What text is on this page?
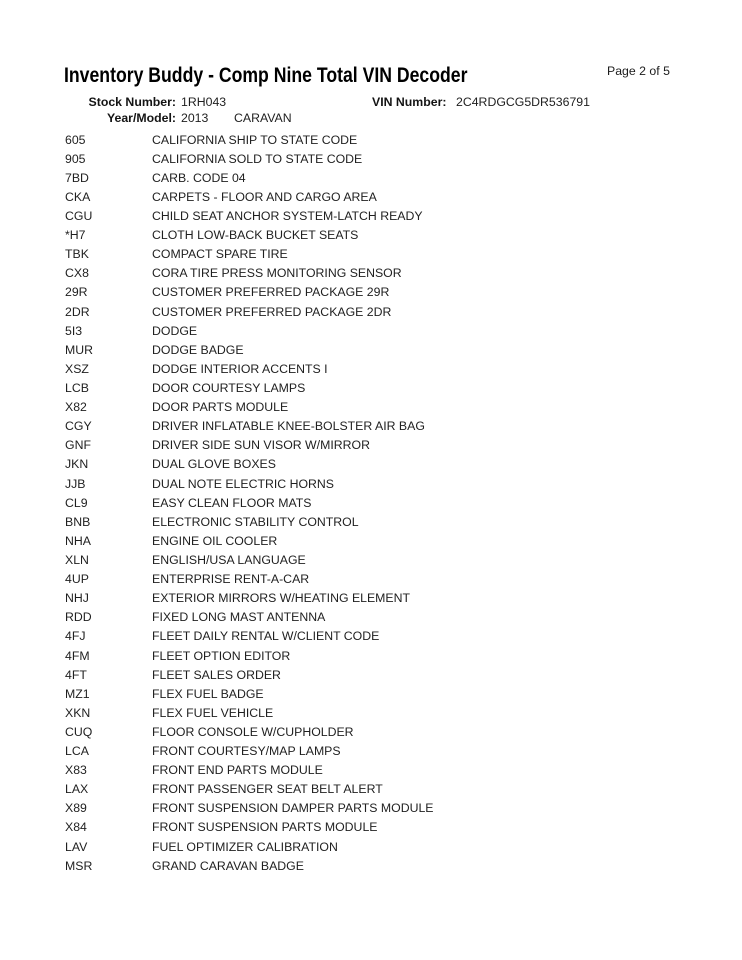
Inventory Buddy - Comp Nine Total VIN Decoder	Page 2 of 5
Stock Number: 1RH043	VIN Number: 2C4RDGCG5DR536791
Year/Model: 2013 CARAVAN
605	CALIFORNIA SHIP TO STATE CODE
905	CALIFORNIA SOLD TO STATE CODE
7BD	CARB. CODE 04
CKA	CARPETS - FLOOR AND CARGO AREA
CGU	CHILD SEAT ANCHOR SYSTEM-LATCH READY
*H7	CLOTH LOW-BACK BUCKET SEATS
TBK	COMPACT SPARE TIRE
CX8	CORA TIRE PRESS MONITORING SENSOR
29R	CUSTOMER PREFERRED PACKAGE 29R
2DR	CUSTOMER PREFERRED PACKAGE 2DR
5I3	DODGE
MUR	DODGE BADGE
XSZ	DODGE INTERIOR ACCENTS I
LCB	DOOR COURTESY LAMPS
X82	DOOR PARTS MODULE
CGY	DRIVER INFLATABLE KNEE-BOLSTER AIR BAG
GNF	DRIVER SIDE SUN VISOR W/MIRROR
JKN	DUAL GLOVE BOXES
JJB	DUAL NOTE ELECTRIC HORNS
CL9	EASY CLEAN FLOOR MATS
BNB	ELECTRONIC STABILITY CONTROL
NHA	ENGINE OIL COOLER
XLN	ENGLISH/USA LANGUAGE
4UP	ENTERPRISE RENT-A-CAR
NHJ	EXTERIOR MIRRORS W/HEATING ELEMENT
RDD	FIXED LONG MAST ANTENNA
4FJ	FLEET DAILY RENTAL W/CLIENT CODE
4FM	FLEET OPTION EDITOR
4FT	FLEET SALES ORDER
MZ1	FLEX FUEL BADGE
XKN	FLEX FUEL VEHICLE
CUQ	FLOOR CONSOLE W/CUPHOLDER
LCA	FRONT COURTESY/MAP LAMPS
X83	FRONT END PARTS MODULE
LAX	FRONT PASSENGER SEAT BELT ALERT
X89	FRONT SUSPENSION DAMPER PARTS MODULE
X84	FRONT SUSPENSION PARTS MODULE
LAV	FUEL OPTIMIZER CALIBRATION
MSR	GRAND CARAVAN BADGE
